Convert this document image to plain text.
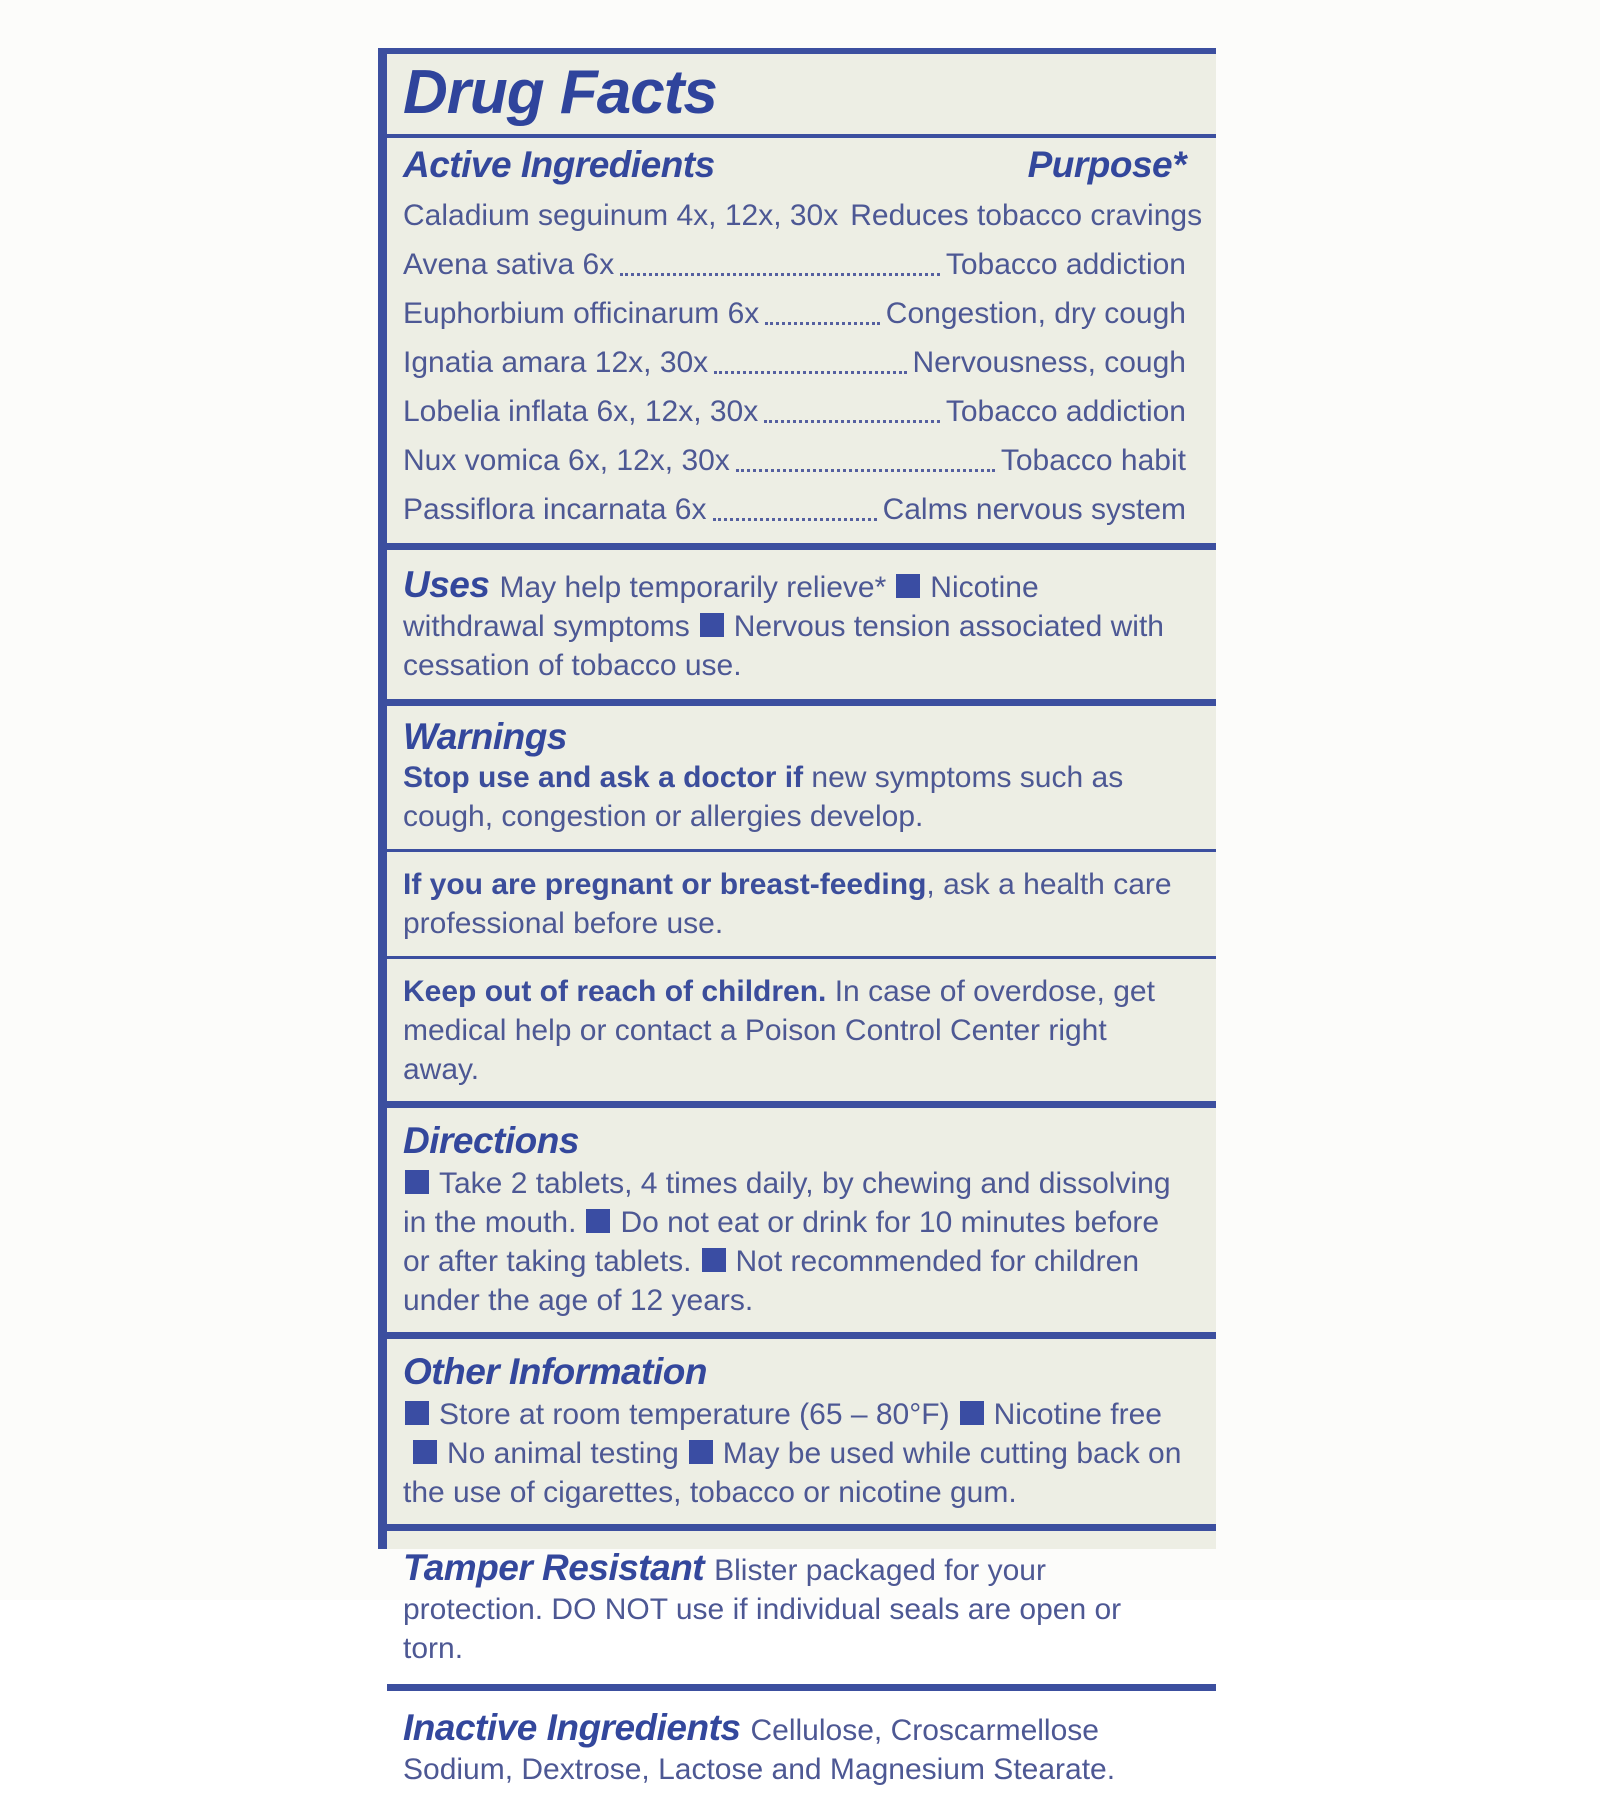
Drug Facts
Active Ingredients	Purpose*
Caladium seguinum 4x, 12x, 30x Reduces tobacco cravings
Avena sativa 6x	Tobacco addiction
Euphorbium officinarum 6x	Congestion, dry cough
Ignatia amara 12x, 30x	Nervousness, cough
Lobelia inflata 6x, 12x, 30x	Tobacco addiction
Nux vomica 6x, 12x, 30x	Tobacco habit
Passiflora incarnata 6x	Calms nervous system
Uses May help temporarily relieve* Nicotine withdrawal symptoms Nervous tension associated with cessation of tobacco use.
Warnings
Stop use and ask a doctor if new symptoms such as cough, congestion or allergies develop.
If you are pregnant or breast-feeding, ask a health care professional before use.
Keep out of reach of children. In case of overdose, get medical help or contact a Poison Control Center right away.
Directions
Take 2 tablets, 4 times daily, by chewing and dissolving in the mouth. Do not eat or drink for 10 minutes before or after taking tablets. Not recommended for children under the age of 12 years.
Other Information
Store at room temperature (65 – 80°F) Nicotine freeNo animal testing May be used while cutting back on the use of cigarettes, tobacco or nicotine gum.
Tamper Resistant Blister packaged for your protection. DO NOT use if individual seals are open or torn.
Inactive Ingredients Cellulose, Croscarmellose Sodium, Dextrose, Lactose and Magnesium Stearate.
